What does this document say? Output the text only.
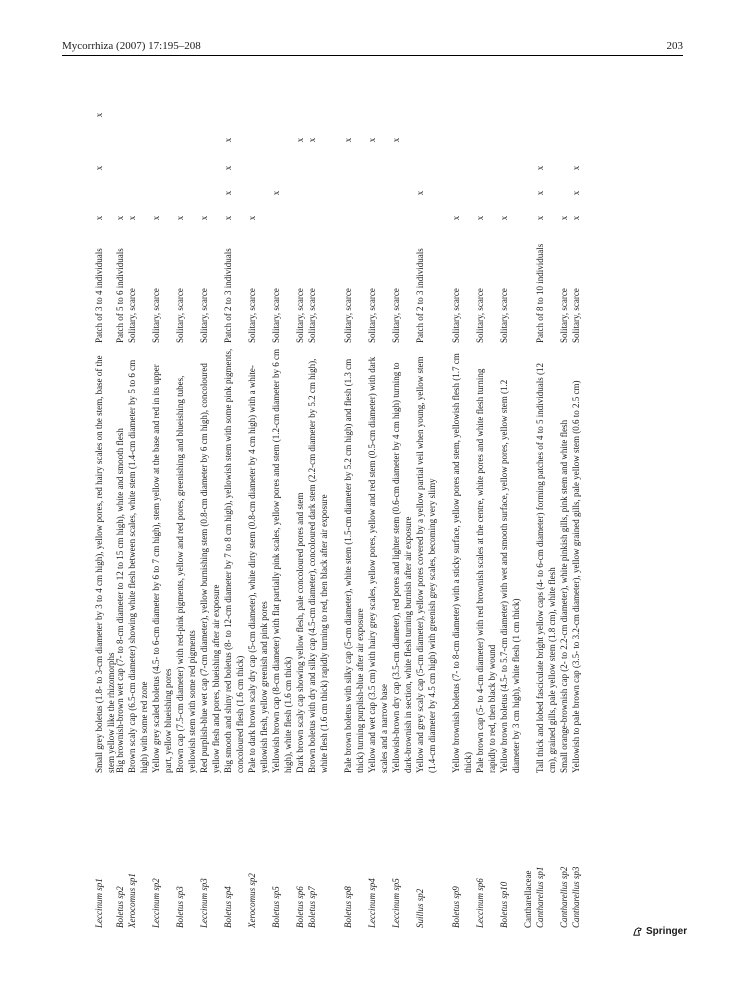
Mycorrhiza (2007) 17:195–208	203
Leccinum sp1
Small grey boletus (1.8- to 3-cm diameter by 3 to 4 cm high), yellow pores, red hairy scales on the stem, base of the stem yellow like the rhizomorphs
Patch of 3 to 4 individuals
x
x
x
Boletus sp2
Big brownish-brown wet cap (7- to 8-cm diameter to 12 to 15 cm high), white and smooth flesh
Patch of 5 to 6 individuals
x
Xerocomus sp1
Brown scaly cap (6.5-cm diameter) showing white flesh between scales, white stem (1.4-cm diameter by 5 to 6 cm high) with some red zone
Solitary, scarce
x
Leccinum sp2
Yellow grey scaled boletus (4.5- to 6-cm diameter by 6 to 7 cm high), stem yellow at the base and red in its upper part, yellow blueishing pores
Solitary, scarce
x
Boletus sp3
Brown cap (7.5-cm diameter) with red-pink pigments, yellow and red pores, greenishing and blueishing tubes, yellowish stem with some red pigments
Solitary, scarce
x
Leccinum sp3
Red purplish-blue wet cap (7-cm diameter), yellow burnishing stem (0.8-cm diameter by 6 cm high), concoloured yellow flesh and pores, blueishing after air exposure
Solitary, scarce
x
Boletus sp4
Big smooth and shiny red boletus (8- to 12-cm diameter by 7 to 8 cm high), yellowish stem with some pink pigments, concoloured flesh (1.6 cm thick)
Patch of 2 to 3 individuals
x
x
x
x
Xerocomus sp2
Pale to dark brown scaly dry cap (5-cm diameter), white dirty stem (0.8-cm diameter by 4 cm high) with a white-yellowish flesh, yellow greenish and pink pores
Solitary, scarce
x
Boletus sp5
Yellowish brown cap (8-cm diameter) with flat partially pink scales, yellow pores and stem (1.2-cm diameter by 6 cm high), white flesh (1.6 cm thick)
Solitary, scarce
x
Boletus sp6
Dark brown scaly cap showing yellow flesh, pale concoloured pores and stem
Solitary, scarce
x
Boletus sp7
Brown boletus with dry and silky cap (4.5-cm diameter), concoloured dark stem (2.2-cm diameter by 5.2 cm high), white flesh (1.6 cm thick) rapidly turning to red, then black after air exposure
Solitary, scarce
x
Boletus sp8
Pale brown boletus with silky cap (5-cm diameter), white stem (1.5-cm diameter by 5.2 cm high) and flesh (1.3 cm thick) turning purplish-blue after air exposure
Solitary, scarce
x
Leccinum sp4
Yellow and wet cap (3.5 cm) with hairy grey scales, yellow pores, yellow and red stem (0.5-cm diameter) with dark scales and a narrow base
Solitary, scarce
x
Leccinum sp5
Yellowish-brown dry cap (3.5-cm diameter), red pores and lighter stem (0.6-cm diameter by 4 cm high) turning to dark-brownish in section, white flesh turning burnish after air exposure
Solitary, scarce
x
Suillus sp2
Yellow and grey scaly cap (5-cm diameter), yellow pores covered by a yellow partial veil when young, yellow stem (1.4-cm diameter by 4.5 cm high) with greenish grey scales, becoming very slimy
Patch of 2 to 3 individuals
x
Boletus sp9
Yellow brownish boletus (7- to 8-cm diameter) with a sticky surface, yellow pores and stem, yellowish flesh (1.7 cm thick)
Solitary, scarce
x
Leccinum sp6
Pale brown cap (5- to 4-cm diameter) with red brownish scales at the centre, white pores and white flesh turning rapidly to red, then black by wound
Solitary, scarce
x
Boletus sp10
Yellow brown boletus (4.5- to 5.7-cm diameter) with wet and smooth surface, yellow pores, yellow stem (1.2 diameter by 3 cm high), white flesh (1 cm thick)
Solitary, scarce
x
Cantharellaceae Cantharellus sp1
Tall thick and lobed fasciculate bright yellow caps (4- to 6-cm diameter) forming patches of 4 to 5 individuals (12 cm), grained gills, pale yellow stem (1.8 cm), white flesh
Patch of 8 to 10 individuals
x
x
x
Cantharellus sp2
Small orange-brownish cap (2- to 2.2-cm diameter), white pinkish gills, pink stem and white flesh
Solitary, scarce
x
Cantharellus sp3
Yellowish to pale brown cap (3.5- to 3.2-cm diameter), yellow grained gills, pale yellow stem (0.6 to 2.5 cm)
Solitary, scarce
x
x
x
Springer
